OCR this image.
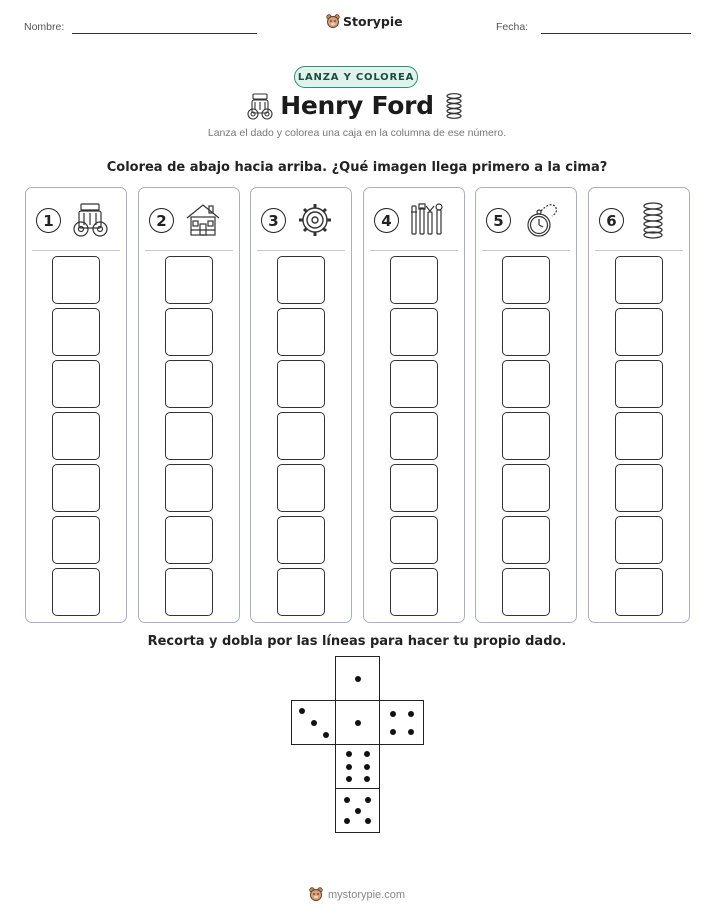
Nombre:	Storypie	Fecha:
LANZA Y COLOREA
Henry Ford
Lanza el dado y colorea una caja en la columna de ese número.
Colorea de abajo hacia arriba. ¿Qué imagen llega primero a la cima?
1	2	3	4	5	6
Recorta y dobla por las líneas para hacer tu propio dado.
mystorypie.com
